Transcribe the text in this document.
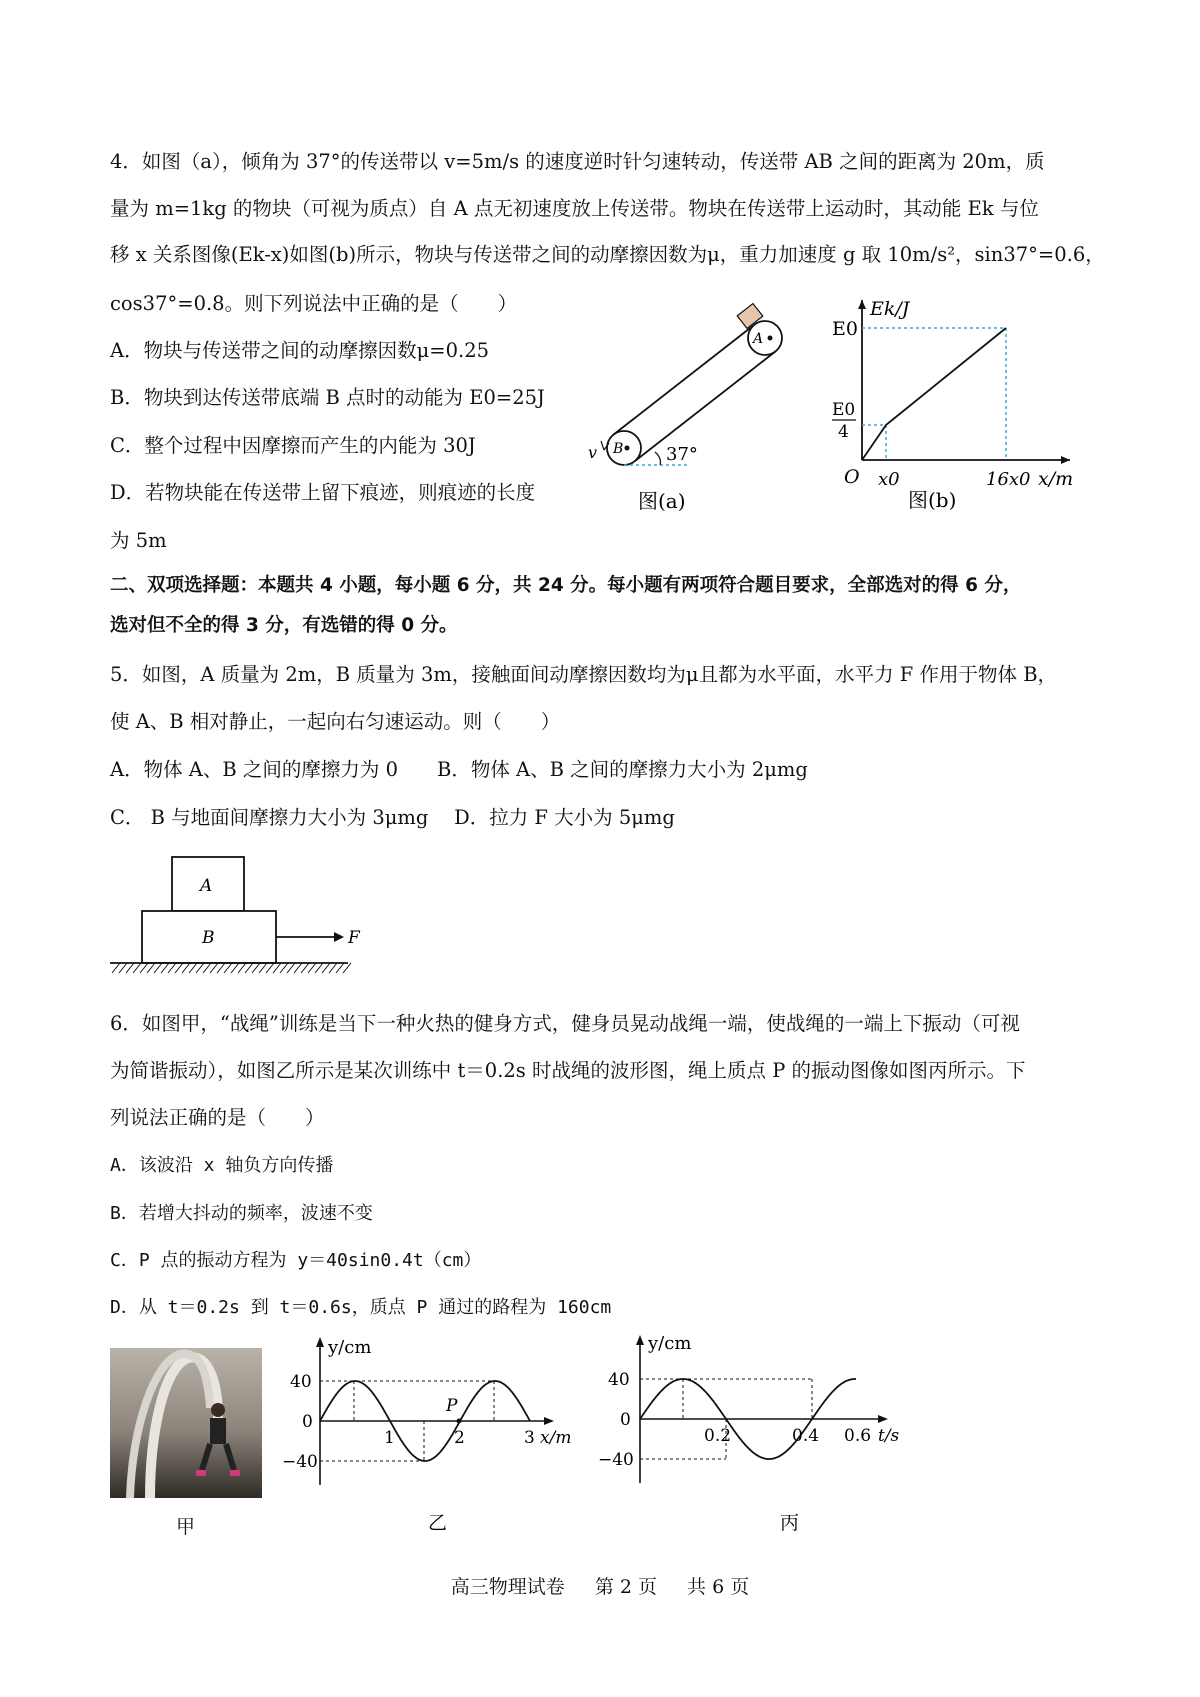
4．如图（a），倾角为 37°的传送带以 v=5m/s 的速度逆时针匀速转动，传送带 AB 之间的距离为 20m，质
量为 m=1kg 的物块（可视为质点）自 A 点无初速度放上传送带。物块在传送带上运动时，其动能 Ek 与位
移 x 关系图像(Ek-x)如图(b)所示，物块与传送带之间的动摩擦因数为μ，重力加速度 g 取 10m/s²，sin37°=0.6，
cos37°=0.8。则下列说法中正确的是（　　）
A．物块与传送带之间的动摩擦因数μ=0.25
B．物块到达传送带底端 B 点时的动能为 E0=25J
C．整个过程中因摩擦而产生的内能为 30J
D．若物块能在传送带上留下痕迹，则痕迹的长度
为 5m
37°
B
A
v
图(a)
Ek/J
E0
E0
4
O x0	16x0 x/m
图(b)
二、双项选择题：本题共 4 小题，每小题 6 分，共 24 分。每小题有两项符合题目要求，全部选对的得 6 分，
选对但不全的得 3 分，有选错的得 0 分。
5．如图，A 质量为 2m，B 质量为 3m，接触面间动摩擦因数均为μ且都为水平面，水平力 F 作用于物体 B，
使 A、B 相对静止，一起向右匀速运动。则（　　）
A．物体 A、B 之间的摩擦力为 0　　B．物体 A、B 之间的摩擦力大小为 2μmg
C． B 与地面间摩擦力大小为 3μmg　 D．拉力 F 大小为 5μmg
A
B	F
6．如图甲，“战绳”训练是当下一种火热的健身方式，健身员晃动战绳一端，使战绳的一端上下振动（可视
为简谐振动），如图乙所示是某次训练中 t＝0.2s 时战绳的波形图，绳上质点 P 的振动图像如图丙所示。下
列说法正确的是（　　）
A．该波沿 x 轴负方向传播
B．若增大抖动的频率，波速不变
C．P 点的振动方程为 y＝40sin0.4t（cm）
D．从 t＝0.2s 到 t＝0.6s，质点 P 通过的路程为 160cm
甲
P
y/cm
40
0
−40
1	2	3 x/m
乙
y/cm
40
0
−40
0.2	0.4 0.6 t/s
丙
高三物理试卷 第 2 页 共 6 页
